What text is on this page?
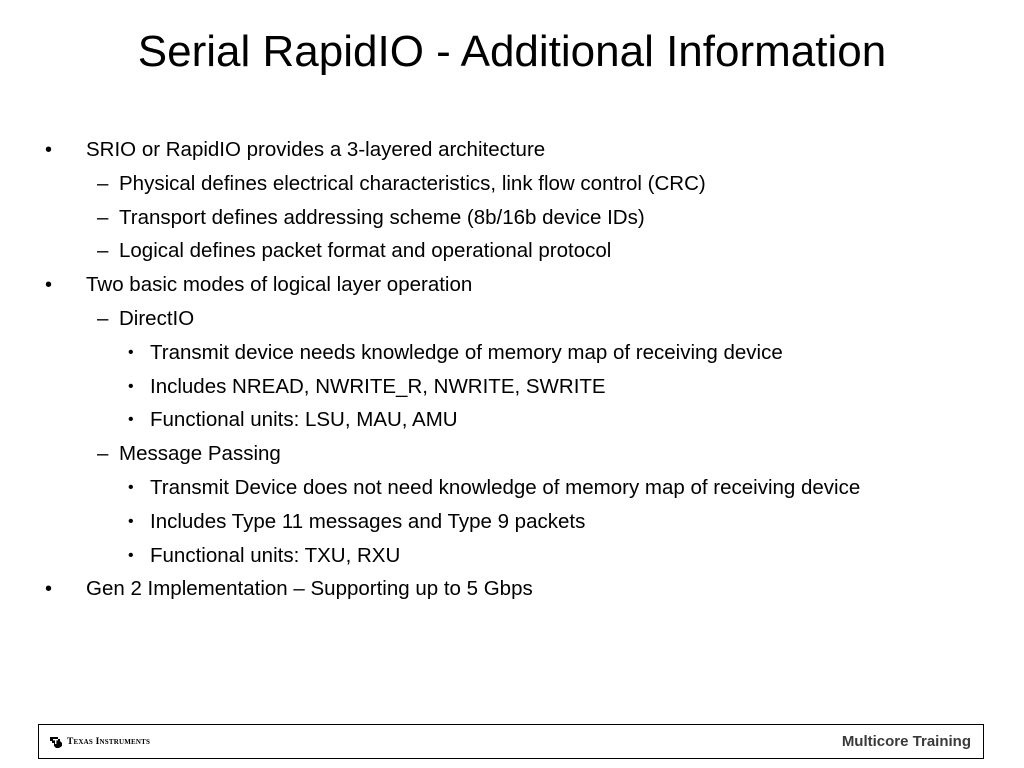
Serial RapidIO - Additional Information
• SRIO or RapidIO provides a 3-layered architecture
– Physical defines electrical characteristics, link flow control (CRC)
– Transport defines addressing scheme (8b/16b device IDs)
– Logical defines packet format and operational protocol
• Two basic modes of logical layer operation
– DirectIO
• Transmit device needs knowledge of memory map of receiving device
• Includes NREAD, NWRITE_R, NWRITE, SWRITE
• Functional units: LSU, MAU, AMU
– Message Passing
• Transmit Device does not need knowledge of memory map of receiving device
• Includes Type 11 messages and Type 9 packets
• Functional units: TXU, RXU
• Gen 2 Implementation – Supporting up to 5 Gbps
Texas Instruments	Multicore Training
